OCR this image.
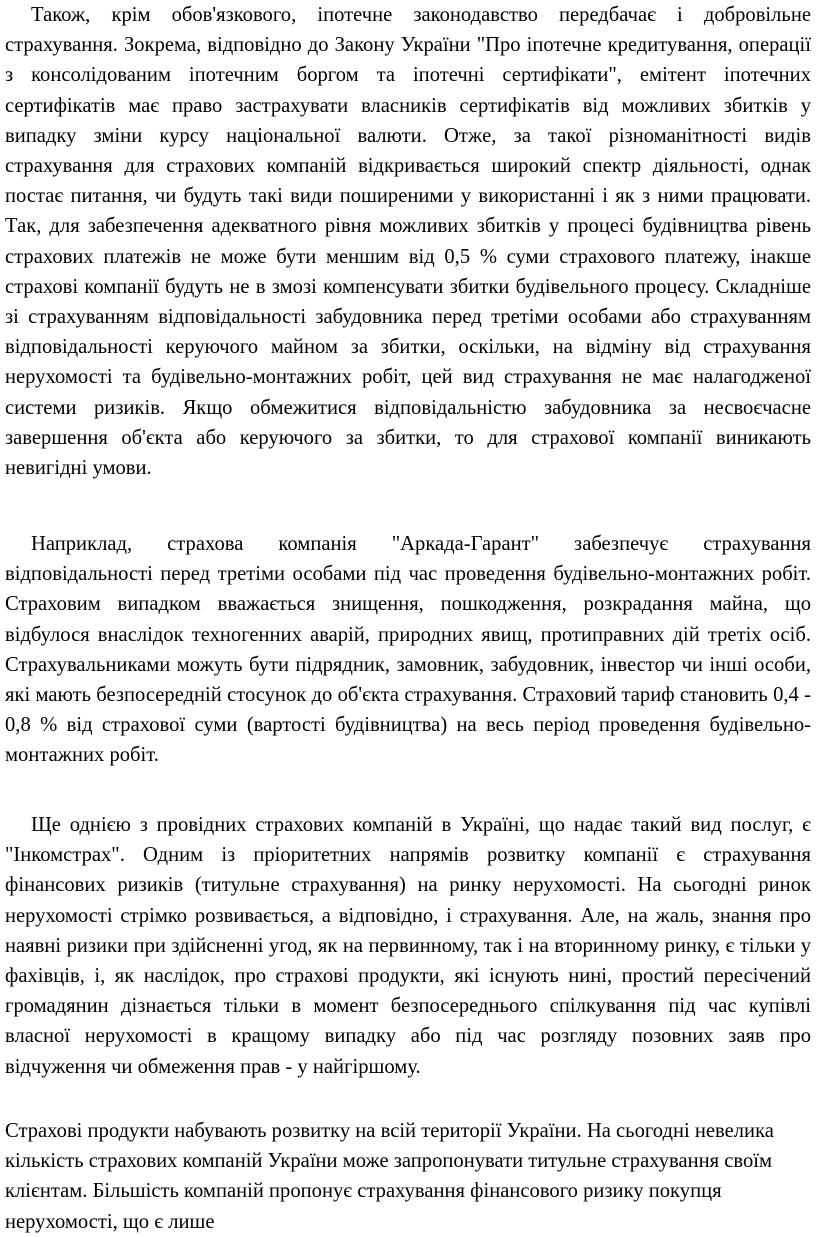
Також, крім обов'язкового, іпотечне законодавство передбачає і добровільне страхування. Зокрема, відповідно до Закону України "Про іпотечне кредитування, операції з консолідованим іпотечним боргом та іпотечні сертифікати", емітент іпотечних сертифікатів має право застрахувати власників сертифікатів від можливих збитків у випадку зміни курсу національної валюти. Отже, за такої різноманітності видів страхування для страхових компаній відкривається широкий спектр діяльності, однак постає питання, чи будуть такі види поширеними у використанні і як з ними працювати. Так, для забезпечення адекватного рівня можливих збитків у процесі будівництва рівень страхових платежів не може бути меншим від 0,5 % суми страхового платежу, інакше страхові компанії будуть не в змозі компенсувати збитки будівельного процесу. Складніше зі страхуванням відповідальності забудовника перед третіми особами або страхуванням відповідальності керуючого майном за збитки, оскільки, на відміну від страхування нерухомості та будівельно-монтажних робіт, цей вид страхування не має налагодженої системи ризиків. Якщо обмежитися відповідальністю забудовника за несвоєчасне завершення об'єкта або керуючого за збитки, то для страхової компанії виникають невигідні умови.

Наприклад, страхова компанія "Аркада-Гарант" забезпечує страхування відповідальності перед третіми особами під час проведення будівельно-монтажних робіт. Страховим випадком вважається знищення, пошкодження, розкрадання майна, що відбулося внаслідок техногенних аварій, природних явищ, протиправних дій третіх осіб. Страхувальниками можуть бути підрядник, замовник, забудовник, інвестор чи інші особи, які мають безпосередній стосунок до об'єкта страхування. Страховий тариф становить 0,4 - 0,8 % від страхової суми (вартості будівництва) на весь період проведення будівельно-монтажних робіт.

Ще однією з провідних страхових компаній в Україні, що надає такий вид послуг, є "Інкомстрах". Одним із пріоритетних напрямів розвитку компанії є страхування фінансових ризиків (титульне страхування) на ринку нерухомості. На сьогодні ринок нерухомості стрімко розвивається, а відповідно, і страхування. Але, на жаль, знання про наявні ризики при здійсненні угод, як на первинному, так і на вторинному ринку, є тільки у фахівців, і, як наслідок, про страхові продукти, які існують нині, простий пересічений громадянин дізнається тільки в момент безпосереднього спілкування під час купівлі власної нерухомості в кращому випадку або під час розгляду позовних заяв про відчуження чи обмеження прав - у найгіршому.

Страхові продукти набувають розвитку на всій території України. На сьогодні невелика кількість страхових компаній України може запропонувати титульне страхування своїм клієнтам. Більшість компаній пропонує страхування фінансового ризику покупця нерухомості, що є лише
